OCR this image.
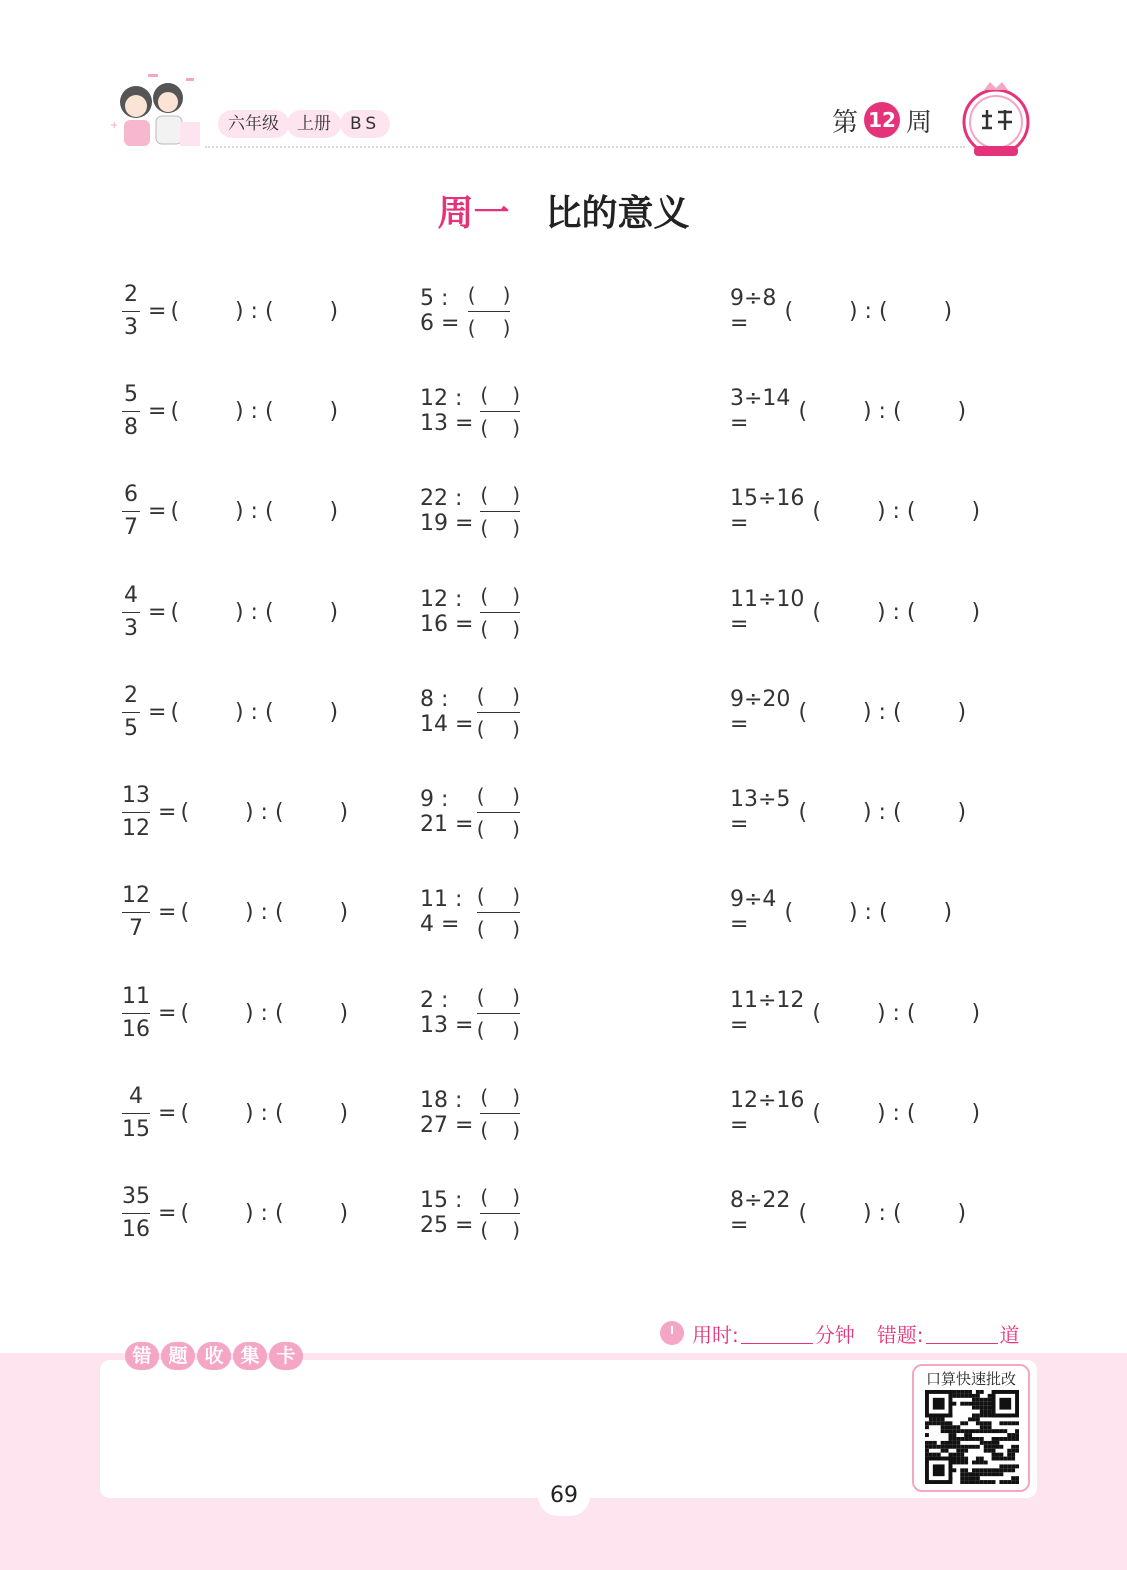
+	六年级	上册	BS	第 12 周
周一 比的意义
$\frac{2}{3}$ = (        ) : (        )	5 : $6 = \frac{( )}{( )}$	9÷8 =	(        ) : (        )
$\frac{5}{8}$ = (        ) : (        )	12 : $13 = \frac{( )}{( )}$	3÷14 =	(        ) : (        )
$\frac{6}{7}$ = (        ) : (        )	22 : $19 = \frac{( )}{( )}$	15÷16 =	(        ) : (        )
$\frac{4}{3}$ = (        ) : (        )	12 : $16 = \frac{( )}{( )}$	11÷10 =	(        ) : (        )
$\frac{2}{5}$ = (        ) : (        )	8 : $14 = \frac{( )}{( )}$	9÷20 =	(        ) : (        )
$\frac{13}{12}$ = (        ) : (        )	9 : $21 = \frac{( )}{( )}$	13÷5 =	(        ) : (        )
$\frac{12}{7}$ = (        ) : (        )	11 : $4 = \frac{( )}{( )}$	9÷4 =	(        ) : (        )
$\frac{11}{16}$ = (        ) : (        )	2 : $13 = \frac{( )}{( )}$	11÷12 =	(        ) : (        )
$\frac{4}{15}$ = (        ) : (        )	18 : $27 = \frac{( )}{( )}$	12÷16 =	(        ) : (        )
$\frac{35}{16}$ = (        ) : (        )	15 : $25 = \frac{( )}{( )}$	8÷22 =	(        ) : (        )
用时:	分钟 错题:	道
错 题 收 集 卡
口算快速批改
69
